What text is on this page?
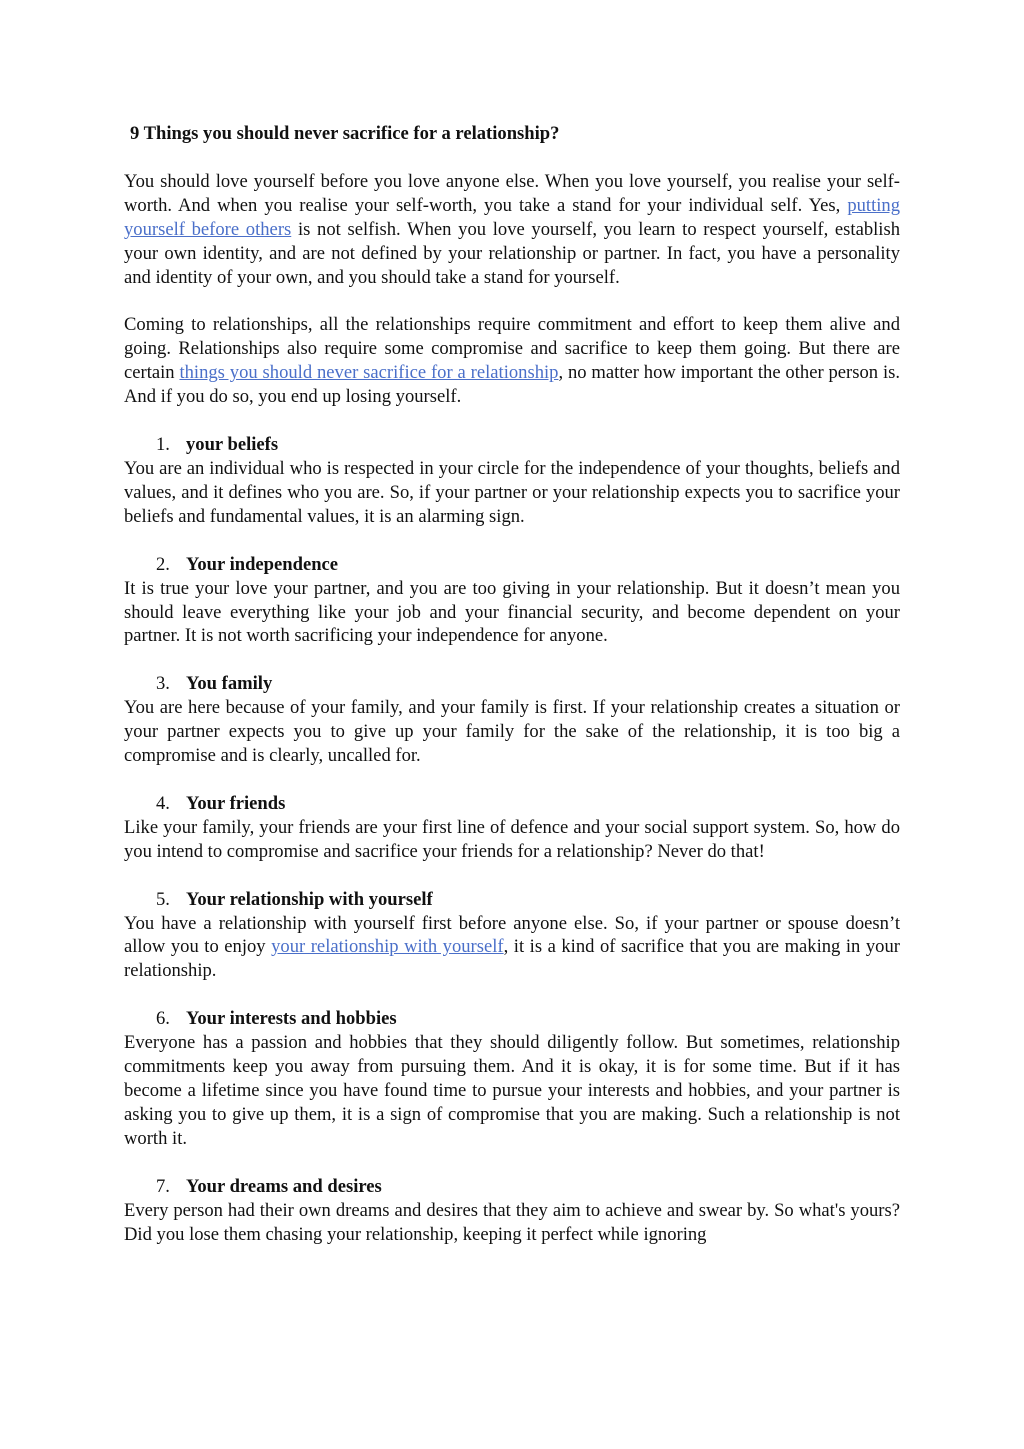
9 Things you should never sacrifice for a relationship?

You should love yourself before you love anyone else. When you love yourself, you realise your self-worth. And when you realise your self-worth, you take a stand for your individual self. Yes, putting yourself before others is not selfish. When you love yourself, you learn to respect yourself, establish your own identity, and are not defined by your relationship or partner. In fact, you have a personality and identity of your own, and you should take a stand for yourself.

Coming to relationships, all the relationships require commitment and effort to keep them alive and going. Relationships also require some compromise and sacrifice to keep them going. But there are certain things you should never sacrifice for a relationship, no matter how important the other person is. And if you do so, you end up losing yourself.

1. your beliefs

You are an individual who is respected in your circle for the independence of your thoughts, beliefs and values, and it defines who you are. So, if your partner or your relationship expects you to sacrifice your beliefs and fundamental values, it is an alarming sign.

2. Your independence

It is true your love your partner, and you are too giving in your relationship. But it doesn’t mean you should leave everything like your job and your financial security, and become dependent on your partner. It is not worth sacrificing your independence for anyone.

3. You family

You are here because of your family, and your family is first. If your relationship creates a situation or your partner expects you to give up your family for the sake of the relationship, it is too big a compromise and is clearly, uncalled for.

4. Your friends

Like your family, your friends are your first line of defence and your social support system. So, how do you intend to compromise and sacrifice your friends for a relationship? Never do that!

5. Your relationship with yourself

You have a relationship with yourself first before anyone else. So, if your partner or spouse doesn’t allow you to enjoy your relationship with yourself, it is a kind of sacrifice that you are making in your relationship.

6. Your interests and hobbies

Everyone has a passion and hobbies that they should diligently follow. But sometimes, relationship commitments keep you away from pursuing them. And it is okay, it is for some time. But if it has become a lifetime since you have found time to pursue your interests and hobbies, and your partner is asking you to give up them, it is a sign of compromise that you are making. Such a relationship is not worth it.

7. Your dreams and desires

Every person had their own dreams and desires that they aim to achieve and swear by. So what's yours? Did you lose them chasing your relationship, keeping it perfect while ignoring
